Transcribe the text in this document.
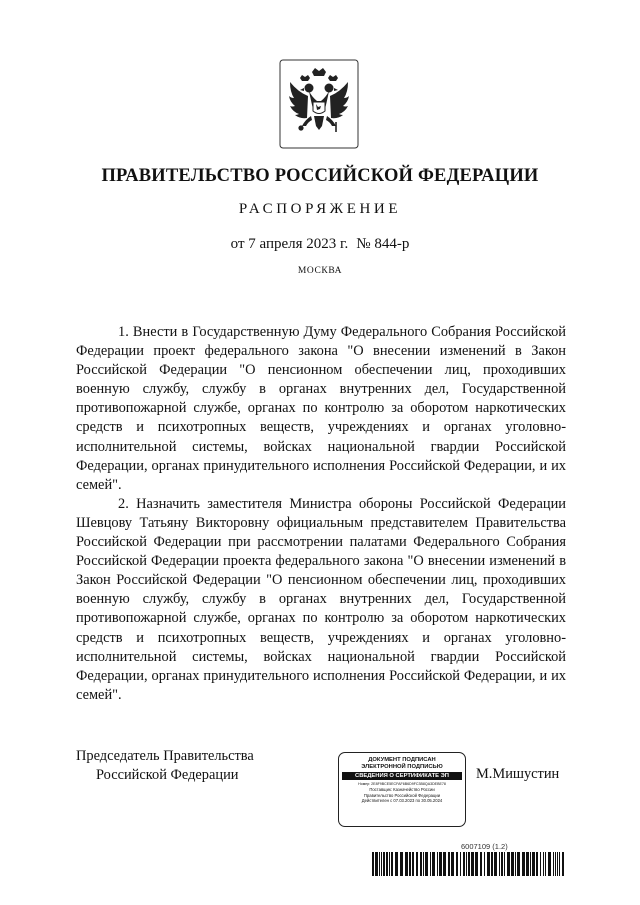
ПРАВИТЕЛЬСТВО РОССИЙСКОЙ ФЕДЕРАЦИИ
РАСПОРЯЖЕНИЕ
от 7 апреля 2023 г. № 844-р
МОСКВА

1. Внести в Государственную Думу Федерального Собрания Российской Федерации проект федерального закона "О внесении изменений в Закон Российской Федерации "О пенсионном обеспечении лиц, проходивших военную службу, службу в органах внутренних дел, Государственной противопожарной службе, органах по контролю за оборотом наркотических средств и психотропных веществ, учреждениях и органах уголовно-исполнительной системы, войсках национальной гвардии Российской Федерации, органах принудительного исполнения Российской Федерации, и их семей".

2. Назначить заместителя Министра обороны Российской Федерации Шевцову Татьяну Викторовну официальным представителем Правительства Российской Федерации при рассмотрении палатами Федерального Собрания Российской Федерации проекта федерального закона "О внесении изменений в Закон Российской Федерации "О пенсионном обеспечении лиц, проходивших военную службу, службу в органах внутренних дел, Государственной противопожарной службе, органах по контролю за оборотом наркотических средств и психотропных веществ, учреждениях и органах уголовно-исполнительной системы, войсках национальной гвардии Российской Федерации, органах принудительного исполнения Российской Федерации, и их семей".

Председатель Правительства
Российской Федерации
ДОКУМЕНТ ПОДПИСАН
ЭЛЕКТРОННОЙ ПОДПИСЬЮ
СВЕДЕНИЯ О СЕРТИФИКАТЕ ЭП
Номер: 2E8F9BCE5ECFAF6B6D9FC3B8QA3DEBE78
Поставщик: Казначейство России
Правительство Российской Федерации
Действителен с 07.03.2023 по 30.05.2024
М.Мишустин
6007109 (1.2)
